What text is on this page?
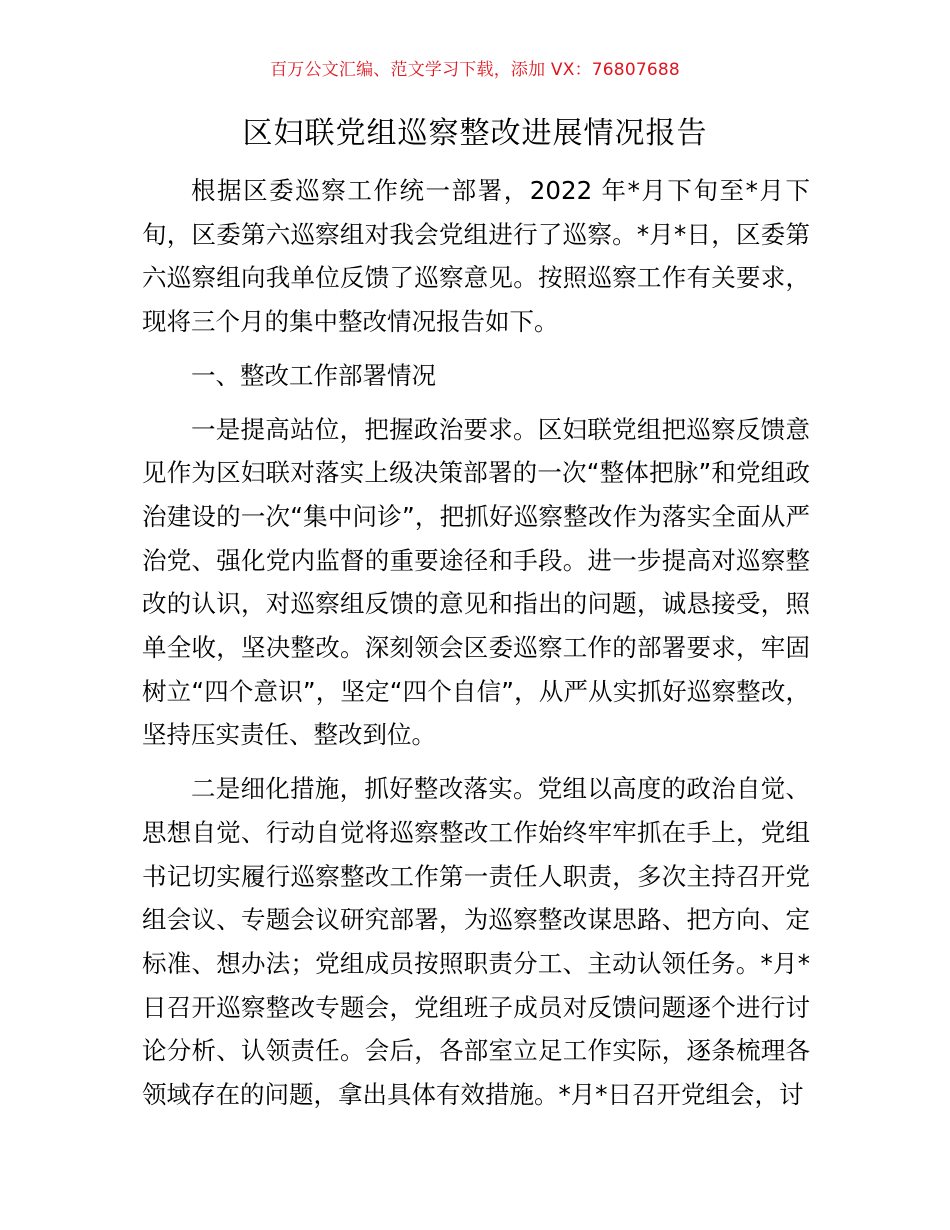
百万公文汇编、范文学习下载，添加 VX：76807688
区妇联党组巡察整改进展情况报告

根据区委巡察工作统一部署，2022 年*月下旬至*月下旬，区委第六巡察组对我会党组进行了巡察。*月*日，区委第六巡察组向我单位反馈了巡察意见。按照巡察工作有关要求，现将三个月的集中整改情况报告如下。

一、整改工作部署情况

一是提高站位，把握政治要求。区妇联党组把巡察反馈意见作为区妇联对落实上级决策部署的一次“整体把脉”和党组政治建设的一次“集中问诊”，把抓好巡察整改作为落实全面从严治党、强化党内监督的重要途径和手段。进一步提高对巡察整改的认识，对巡察组反馈的意见和指出的问题，诚恳接受，照单全收，坚决整改。深刻领会区委巡察工作的部署要求，牢固树立“四个意识”，坚定“四个自信”，从严从实抓好巡察整改，坚持压实责任、整改到位。

二是细化措施，抓好整改落实。党组以高度的政治自觉、思想自觉、行动自觉将巡察整改工作始终牢牢抓在手上，党组书记切实履行巡察整改工作第一责任人职责，多次主持召开党组会议、专题会议研究部署，为巡察整改谋思路、把方向、定标准、想办法；党组成员按照职责分工、主动认领任务。*月*日召开巡察整改专题会，党组班子成员对反馈问题逐个进行讨论分析、认领责任。会后，各部室立足工作实际，逐条梳理各领域存在的问题，拿出具体有效措施。*月*日召开党组会，讨
